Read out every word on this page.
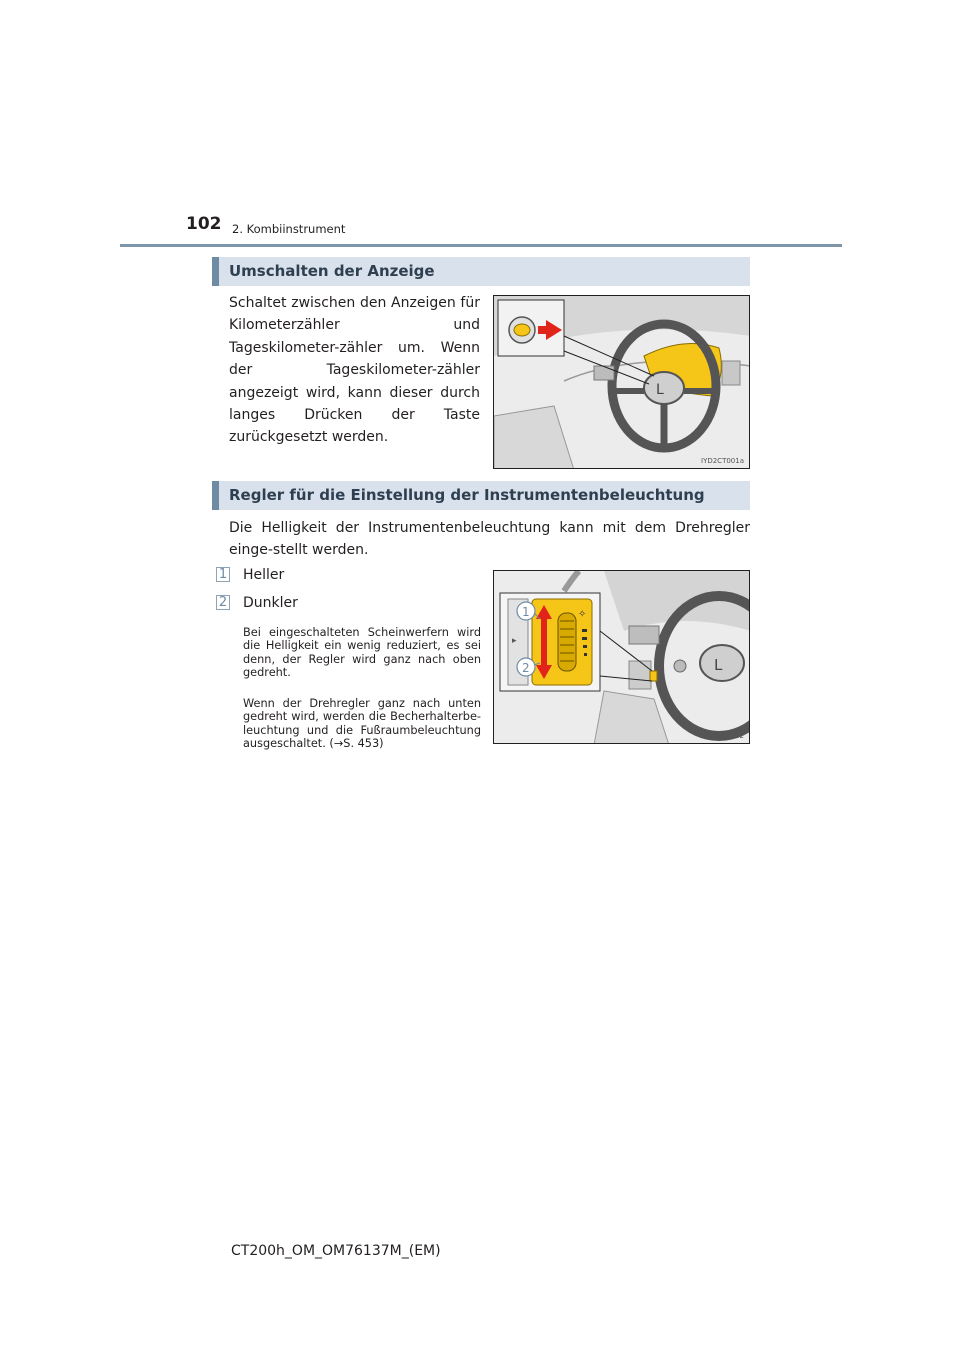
102 2. Kombiinstrument
Umschalten der Anzeige
Schaltet zwischen den Anzeigen für Kilometerzähler und Tageskilometer-zähler um. Wenn der Tageskilometer-zähler angezeigt wird, kann dieser durch langes Drücken der Taste zurückgesetzt werden.
L
IYD2CT001a
Regler für die Einstellung der Instrumentenbeleuchtung
Die Helligkeit der Instrumentenbeleuchtung kann mit dem Drehregler einge-stellt werden.
1 Heller
2 Dunkler
Bei eingeschalteten Scheinwerfern wird die Helligkeit ein wenig reduziert, es sei denn, der Regler wird ganz nach oben gedreht.
Wenn der Drehregler ganz nach unten gedreht wird, werden die Becherhalterbe-leuchtung und die Fußraumbeleuchtung ausgeschaltet. (→S. 453)
L
▸
✧
1
2
IYD2CT002
CT200h_OM_OM76137M_(EM)
